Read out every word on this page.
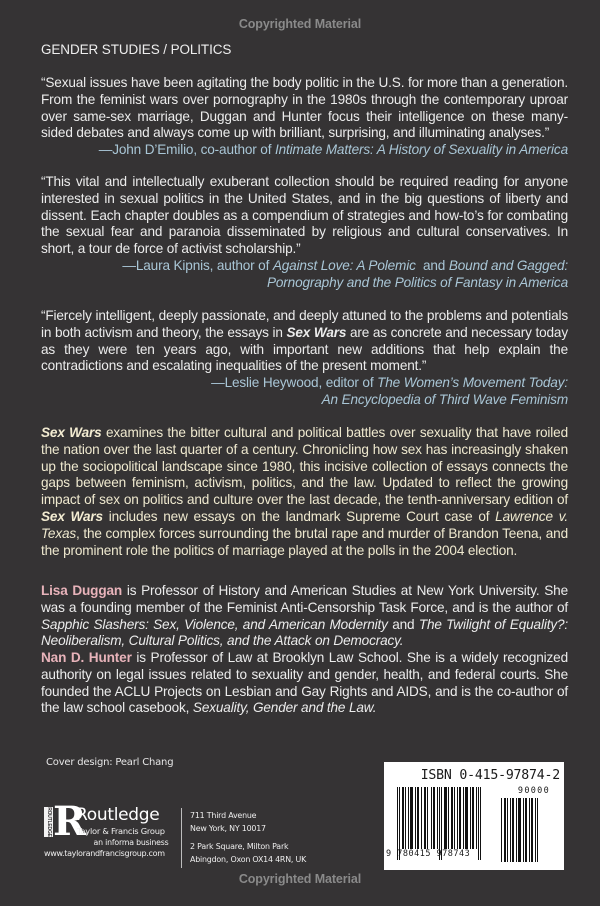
Copyrighted Material
GENDER STUDIES / POLITICS

“Sexual issues have been agitating the body politic in the U.S. for more than a generation. From the feminist wars over pornography in the 1980s through the contemporary uproar over same-sex marriage, Duggan and Hunter focus their intelligence on these many-sided debates and always come up with brilliant, surprising, and illuminating analyses.”

—John D’Emilio, co-author of Intimate Matters: A History of Sexuality in America

“This vital and intellectually exuberant collection should be required reading for anyone interested in sexual politics in the United States, and in the big questions of liberty and dissent. Each chapter doubles as a compendium of strategies and how-to’s for combating the sexual fear and paranoia disseminated by religious and cultural conservatives. In short, a tour de force of activist scholarship.”

—Laura Kipnis, author of Against Love: A Polemic  and Bound and Gagged:
Pornography and the Politics of Fantasy in America

“Fiercely intelligent, deeply passionate, and deeply attuned to the problems and potentials in both activism and theory, the essays in Sex Wars are as concrete and necessary today as they were ten years ago, with important new additions that help explain the contradictions and escalating inequalities of the present moment.”

—Leslie Heywood, editor of The Women’s Movement Today:
An Encyclopedia of Third Wave Feminism

Sex Wars examines the bitter cultural and political battles over sexuality that have roiled the nation over the last quarter of a century. Chronicling how sex has increasingly shaken up the sociopolitical landscape since 1980, this incisive collection of essays connects the gaps between feminism, activism, politics, and the law. Updated to reflect the growing impact of sex on politics and culture over the last decade, the tenth-anniversary edition of Sex Wars includes new essays on the landmark Supreme Court case of Lawrence v. Texas, the complex forces surrounding the brutal rape and murder of Brandon Teena, and the prominent role the politics of marriage played at the polls in the 2004 election.

Lisa Duggan is Professor of History and American Studies at New York University. She was a founding member of the Feminist Anti-Censorship Task Force, and is the author of Sapphic Slashers: Sex, Violence, and American Modernity and The Twilight of Equality?: Neoliberalism, Cultural Politics, and the Attack on Democracy.

Nan D. Hunter is Professor of Law at Brooklyn Law School. She is a widely recognized authority on legal issues related to sexuality and gender, health, and federal courts. She founded the ACLU Projects on Lesbian and Gay Rights and AIDS, and is the co-author of the law school casebook, Sexuality, Gender and the Law.

Cover design: Pearl Chang
ROUTLEDGE R
Routledge
Taylor & Francis Group
an informa business
www.taylorandfrancisgroup.com
711 Third Avenue
New York, NY 10017
2 Park Square, Milton Park
Abingdon, Oxon OX14 4RN, UK
ISBN 0-415-97874-2
90000
9 780415 978743
Copyrighted Material
